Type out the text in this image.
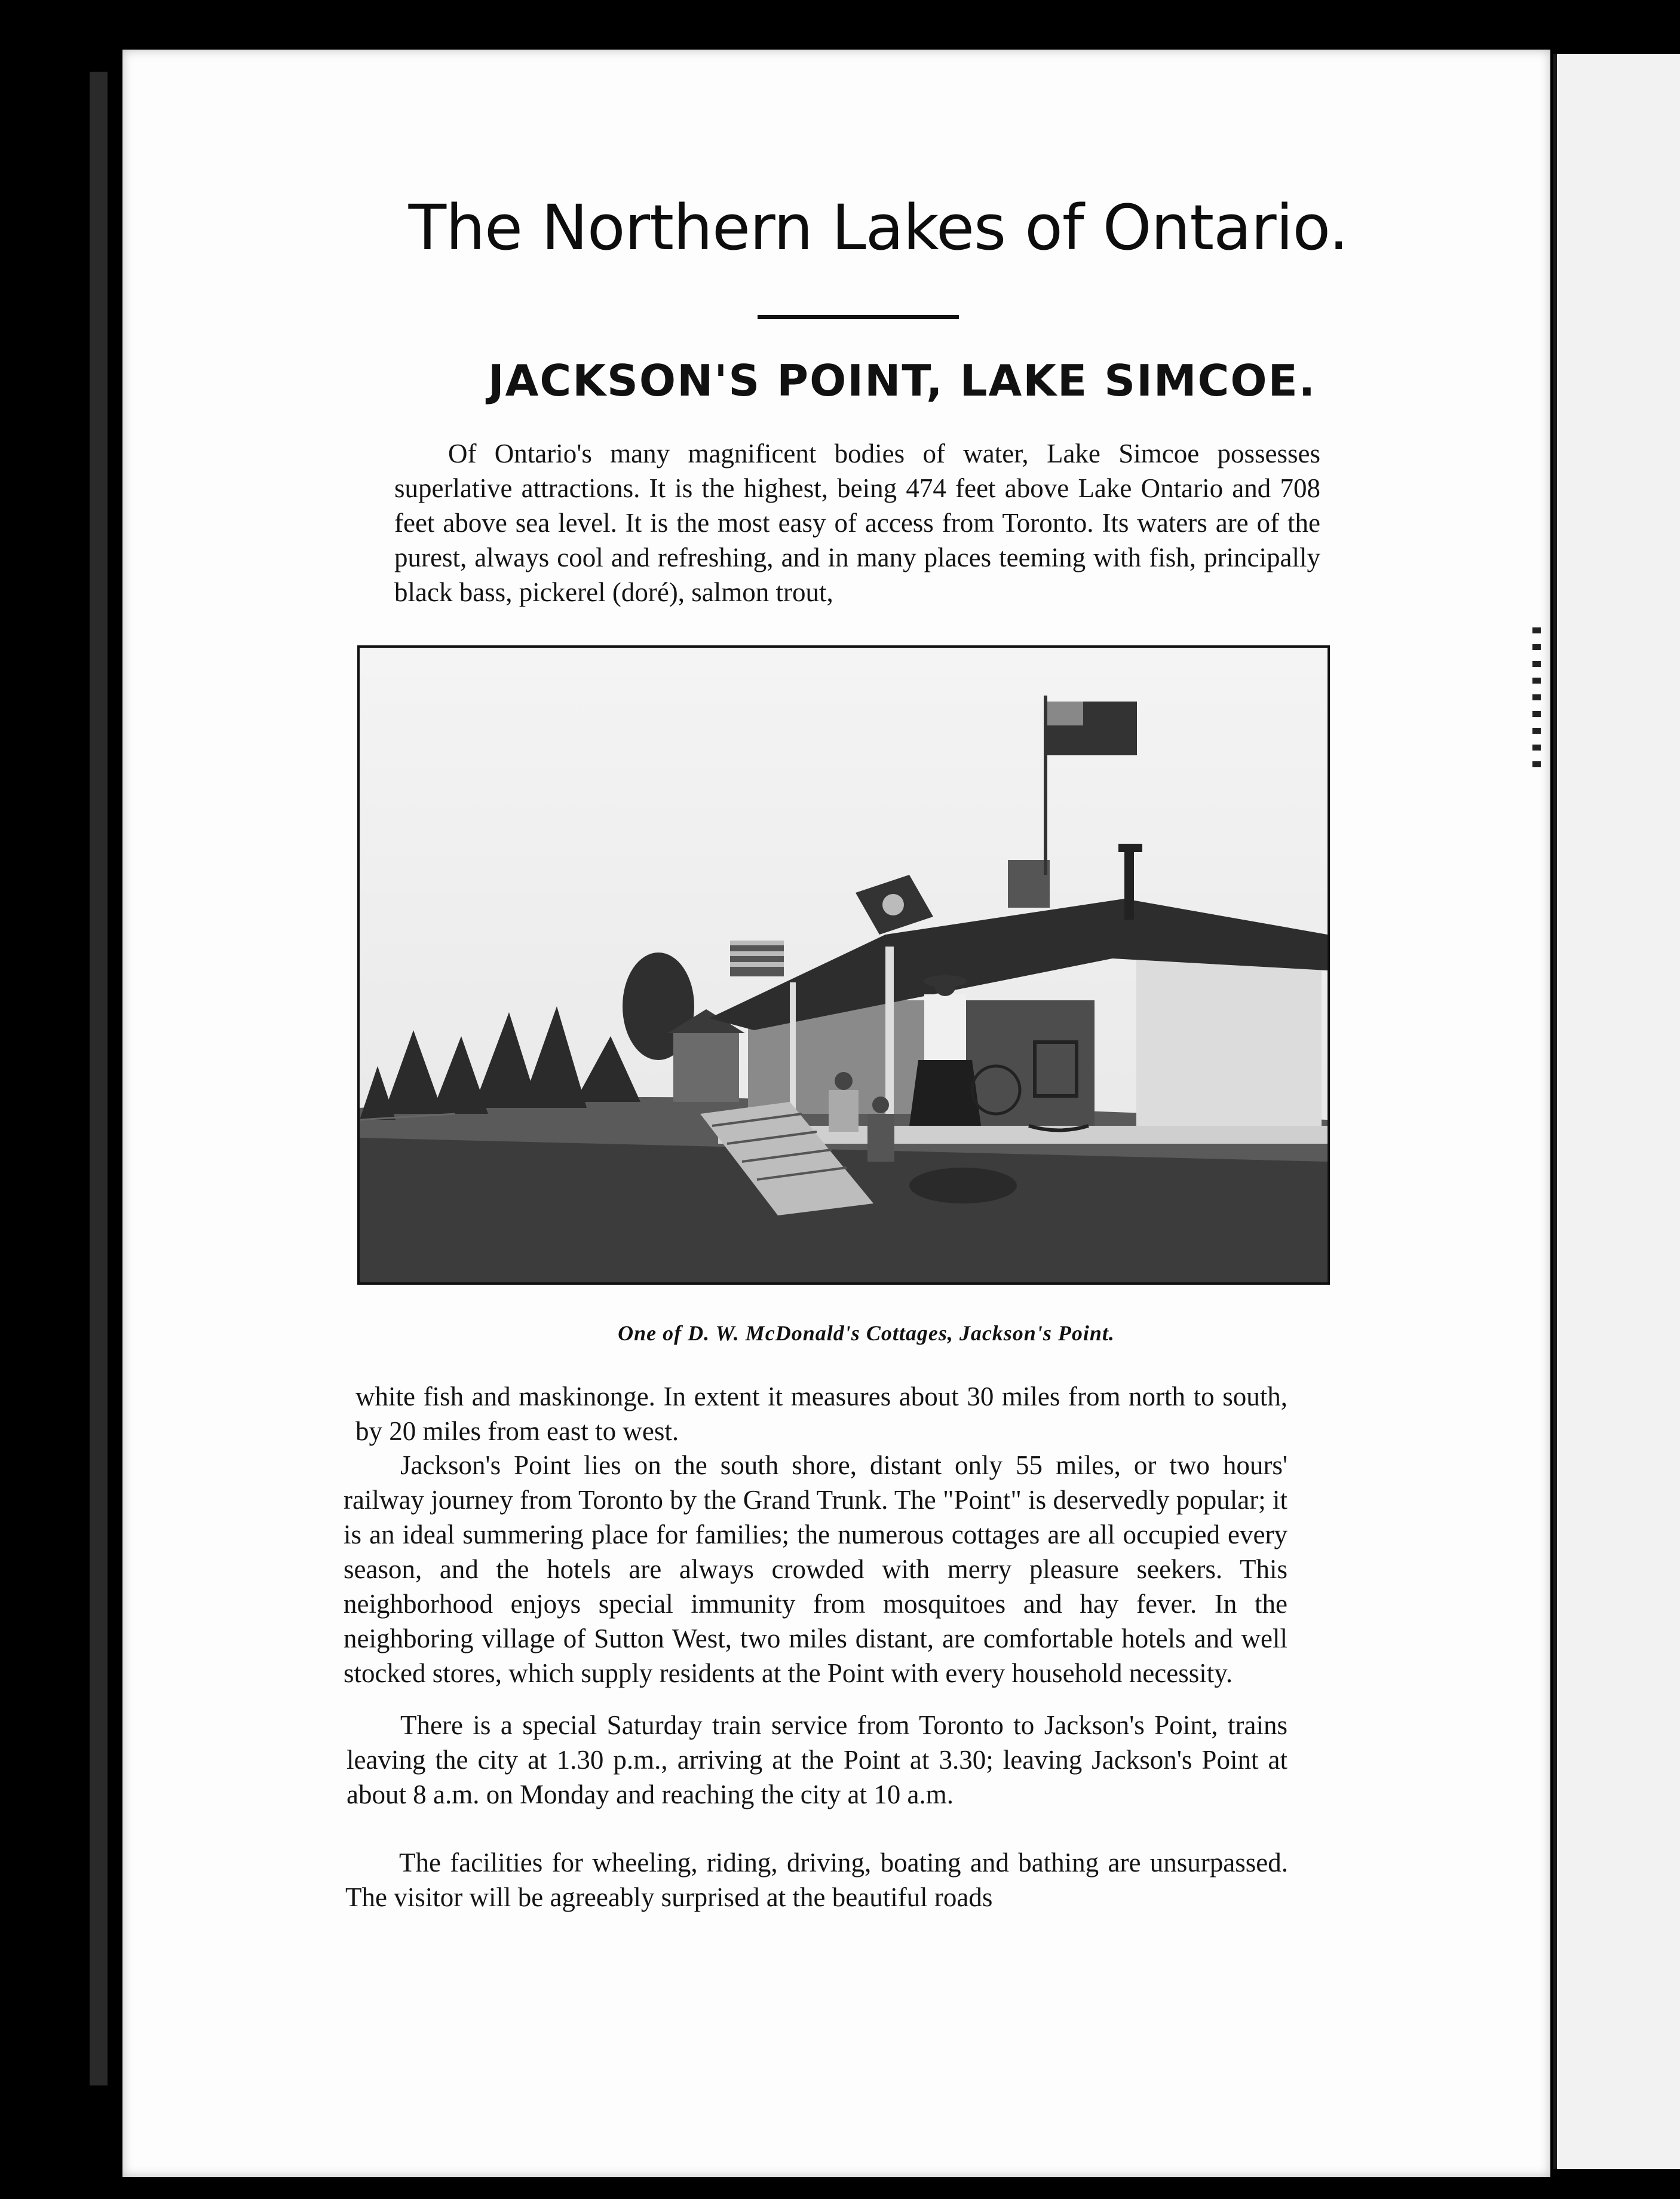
The Northern Lakes of Ontario.
JACKSON'S POINT, LAKE SIMCOE.

Of Ontario's many magnificent bodies of water, Lake Simcoe possesses superlative attractions. It is the highest, being 474 feet above Lake Ontario and 708 feet above sea level. It is the most easy of access from Toronto. Its waters are of the purest, always cool and refreshing, and in many places teeming with fish, principally black bass, pickerel (doré), salmon trout,

One of D. W. McDonald's Cottages, Jackson's Point.

white fish and maskinonge. In extent it measures about 30 miles from north to south, by 20 miles from east to west.

Jackson's Point lies on the south shore, distant only 55 miles, or two hours' railway journey from Toronto by the Grand Trunk. The "Point" is deservedly popular; it is an ideal summering place for families; the numerous cottages are all occupied every season, and the hotels are always crowded with merry pleasure seekers. This neighborhood enjoys special immunity from mosquitoes and hay fever. In the neighboring village of Sutton West, two miles distant, are comfortable hotels and well stocked stores, which supply residents at the Point with every household necessity.

There is a special Saturday train service from Toronto to Jackson's Point, trains leaving the city at 1.30 p.m., arriving at the Point at 3.30; leaving Jackson's Point at about 8 a.m. on Monday and reaching the city at 10 a.m.

The facilities for wheeling, riding, driving, boating and bathing are unsurpassed. The visitor will be agreeably surprised at the beautiful roads
